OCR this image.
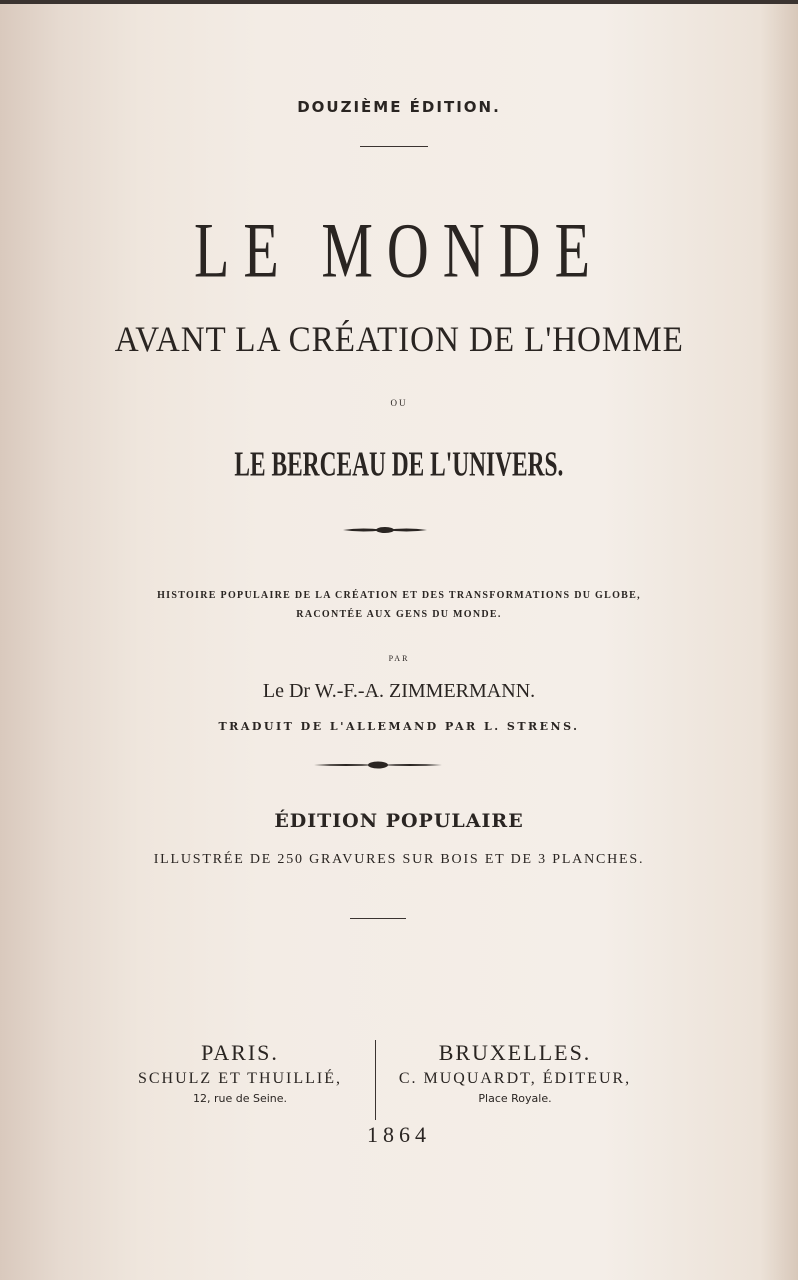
DOUZIÈME ÉDITION.
LE MONDE
AVANT LA CRÉATION DE L'HOMME
OU
LE BERCEAU DE L'UNIVERS.
HISTOIRE POPULAIRE DE LA CRÉATION ET DES TRANSFORMATIONS DU GLOBE,
RACONTÉE AUX GENS DU MONDE.
PAR
Le Dr W.-F.-A. ZIMMERMANN.
TRADUIT DE L'ALLEMAND PAR L. STRENS.
ÉDITION POPULAIRE
ILLUSTRÉE DE 250 GRAVURES SUR BOIS ET DE 3 PLANCHES.
PARIS.
SCHULZ ET THUILLIÉ,
12, rue de Seine.
BRUXELLES.
C. MUQUARDT, ÉDITEUR,
Place Royale.
1864
